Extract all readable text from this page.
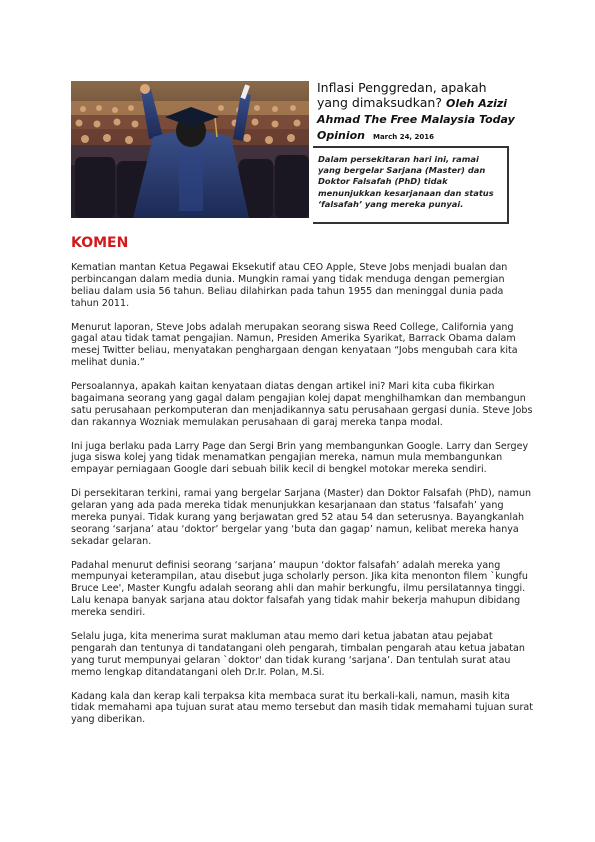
Inflasi Penggredan, apakah yang dimaksudkan? Oleh Azizi Ahmad The Free Malaysia Today Opinion March 24, 2016

Dalam persekitaran hari ini, ramai yang bergelar Sarjana (Master) dan Doktor Falsafah (PhD) tidak menunjukkan kesarjanaan dan status ‘falsafah’ yang mereka punyai.

KOMEN

Kematian mantan Ketua Pegawai Eksekutif atau CEO Apple, Steve Jobs menjadi bualan dan perbincangan dalam media dunia. Mungkin ramai yang tidak menduga dengan pemergian beliau dalam usia 56 tahun. Beliau dilahirkan pada tahun 1955 dan meninggal dunia pada tahun 2011.

Menurut laporan, Steve Jobs adalah merupakan seorang siswa Reed College, California yang gagal atau tidak tamat pengajian. Namun, Presiden Amerika Syarikat, Barrack Obama dalam mesej Twitter beliau, menyatakan penghargaan dengan kenyataan “Jobs mengubah cara kita melihat dunia.”

Persoalannya, apakah kaitan kenyataan diatas dengan artikel ini? Mari kita cuba fikirkan bagaimana seorang yang gagal dalam pengajian kolej dapat menghilhamkan dan membangun satu perusahaan perkomputeran dan menjadikannya satu perusahaan gergasi dunia. Steve Jobs dan rakannya Wozniak memulakan perusahaan di garaj mereka tanpa modal.

Ini juga berlaku pada Larry Page dan Sergi Brin yang membangunkan Google. Larry dan Sergey juga siswa kolej yang tidak menamatkan pengajian mereka, namun mula membangunkan empayar perniagaan Google dari sebuah bilik kecil di bengkel motokar mereka sendiri.

Di persekitaran terkini, ramai yang bergelar Sarjana (Master) dan Doktor Falsafah (PhD), namun gelaran yang ada pada mereka tidak menunjukkan kesarjanaan dan status ‘falsafah’ yang mereka punyai. Tidak kurang yang berjawatan gred 52 atau 54 dan seterusnya. Bayangkanlah seorang ‘sarjana’ atau ‘doktor’ bergelar yang ‘buta dan gagap’ namun, kelibat mereka hanya sekadar gelaran.

Padahal menurut definisi seorang ‘sarjana’ maupun ‘doktor falsafah’ adalah mereka yang mempunyai keterampilan, atau disebut juga scholarly person. Jika kita menonton filem `kungfu Bruce Lee', Master Kungfu adalah seorang ahli dan mahir berkungfu, ilmu persilatannya tinggi. Lalu kenapa banyak sarjana atau doktor falsafah yang tidak mahir bekerja mahupun dibidang mereka sendiri.

Selalu juga, kita menerima surat makluman atau memo dari ketua jabatan atau pejabat pengarah dan tentunya di tandatangani oleh pengarah, timbalan pengarah atau ketua jabatan yang turut mempunyai gelaran `doktor' dan tidak kurang ‘sarjana’. Dan tentulah surat atau memo lengkap ditandatangani oleh Dr.Ir. Polan, M.Si.

Kadang kala dan kerap kali terpaksa kita membaca surat itu berkali-kali, namun, masih kita tidak memahami apa tujuan surat atau memo tersebut dan masih tidak memahami tujuan surat yang diberikan.
